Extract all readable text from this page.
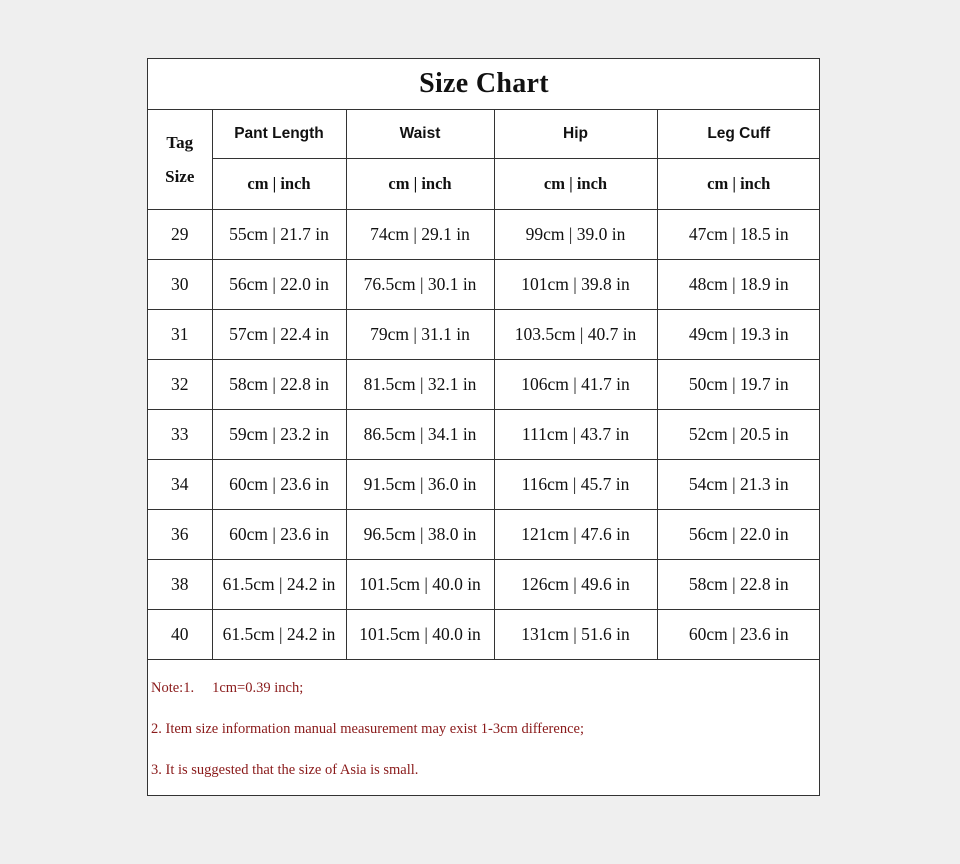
Size Chart				

Tag
Size	Pant Length	Waist	Hip	Leg Cuff
	cm | inch	cm | inch	cm | inch	cm | inch
29	55cm | 21.7 in	74cm | 29.1 in	99cm | 39.0 in	47cm | 18.5 in
30	56cm | 22.0 in	76.5cm | 30.1 in	101cm | 39.8 in	48cm | 18.9 in
31	57cm | 22.4 in	79cm | 31.1 in	103.5cm | 40.7 in	49cm | 19.3 in
32	58cm | 22.8 in	81.5cm | 32.1 in	106cm | 41.7 in	50cm | 19.7 in
33	59cm | 23.2 in	86.5cm | 34.1 in	111cm | 43.7 in	52cm | 20.5 in
34	60cm | 23.6 in	91.5cm | 36.0 in	116cm | 45.7 in	54cm | 21.3 in
36	60cm | 23.6 in	96.5cm | 38.0 in	121cm | 47.6 in	56cm | 22.0 in
38	61.5cm | 24.2 in	101.5cm | 40.0 in	126cm | 49.6 in	58cm | 22.8 in
40	61.5cm | 24.2 in	101.5cm | 40.0 in	131cm | 51.6 in	60cm | 23.6 in
Note:1. 1cm=0.39 inch;
2. Item size information manual measurement may exist 1-3cm difference;
3. It is suggested that the size of Asia is small.
